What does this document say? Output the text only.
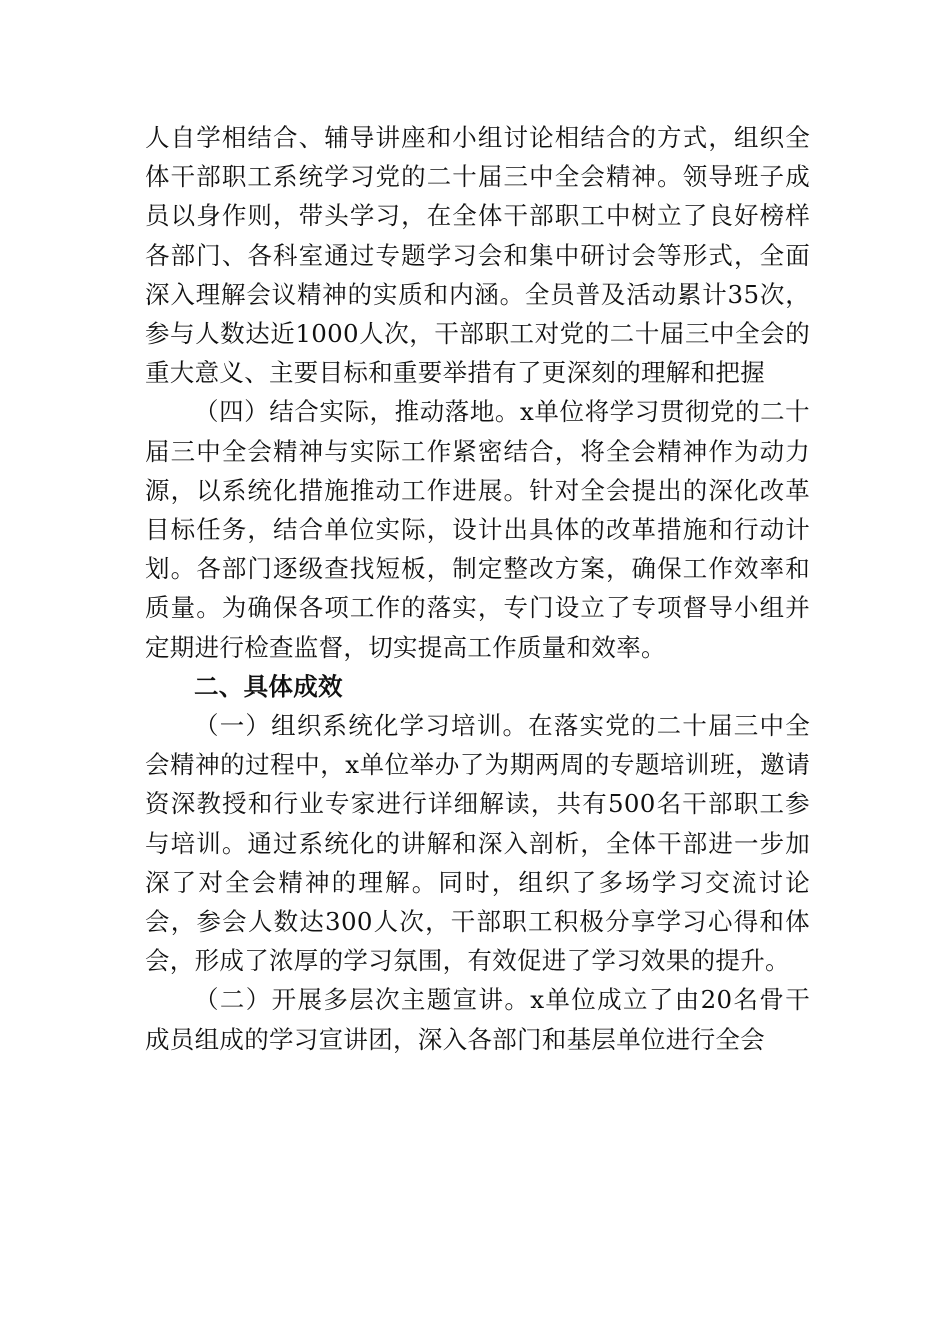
人自学相结合、辅导讲座和小组讨论相结合的方式，组织全体干部职工系统学习党的二十届三中全会精神。领导班子成员以身作则，带头学习，在全体干部职工中树立了良好榜样各部门、各科室通过专题学习会和集中研讨会等形式，全面深入理解会议精神的实质和内涵。全员普及活动累计35次，参与人数达近1000人次，干部职工对党的二十届三中全会的重大意义、主要目标和重要举措有了更深刻的理解和把握

（四）结合实际，推动落地。x单位将学习贯彻党的二十届三中全会精神与实际工作紧密结合，将全会精神作为动力源，以系统化措施推动工作进展。针对全会提出的深化改革目标任务，结合单位实际，设计出具体的改革措施和行动计划。各部门逐级查找短板，制定整改方案，确保工作效率和质量。为确保各项工作的落实，专门设立了专项督导小组并定期进行检查监督，切实提高工作质量和效率。

二、具体成效

（一）组织系统化学习培训。在落实党的二十届三中全会精神的过程中，x单位举办了为期两周的专题培训班，邀请资深教授和行业专家进行详细解读，共有500名干部职工参与培训。通过系统化的讲解和深入剖析，全体干部进一步加深了对全会精神的理解。同时，组织了多场学习交流讨论会，参会人数达300人次，干部职工积极分享学习心得和体会，形成了浓厚的学习氛围，有效促进了学习效果的提升。

（二）开展多层次主题宣讲。x单位成立了由20名骨干成员组成的学习宣讲团，深入各部门和基层单位进行全会
